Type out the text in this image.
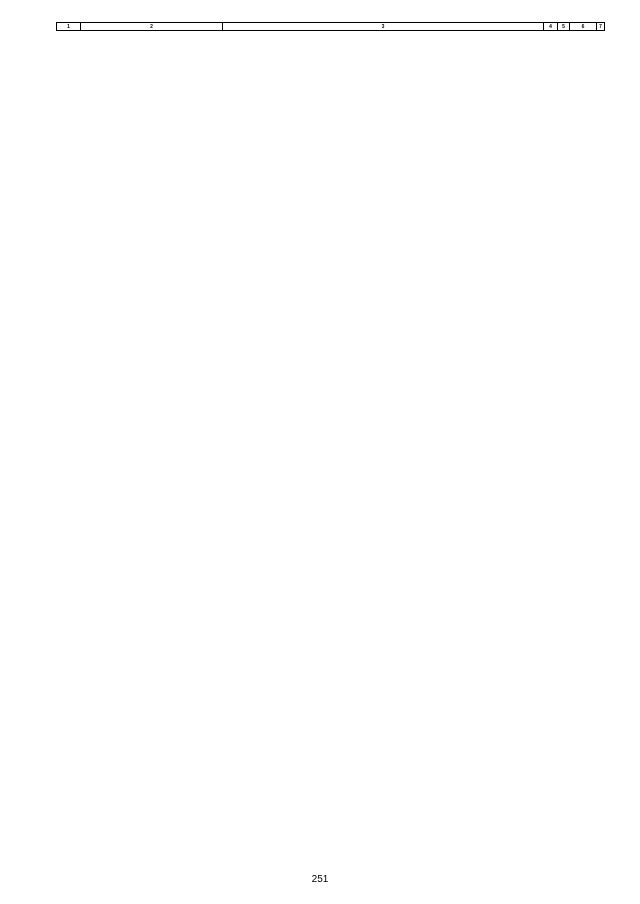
1	2	3	4	5	6	7
251
